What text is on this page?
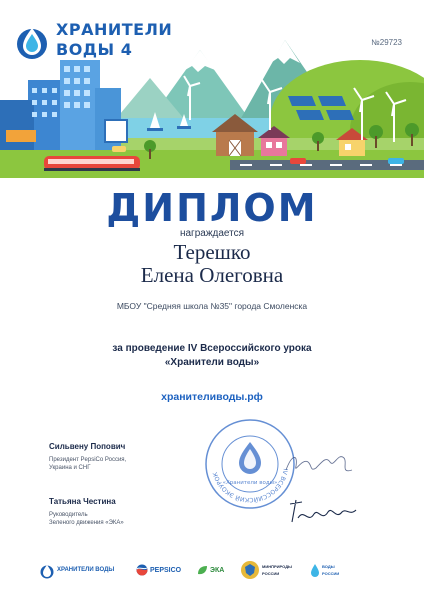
ХРАНИТЕЛИ
ВОДЫ 4	№29723
ДИПЛОМ
награждается
Терешко
Елена Олеговна
МБОУ "Средняя школа №35" города Смоленска
за проведение IV Всероссийского урока
«Хранители воды»
хранителиводы.рф
Сильвену Попович
Президент PepsiCo Россия,
Украина и СНГ
Татьяна Честина
Руководитель
Зеленого движения «ЭКА»
IV ВСЕРОССИЙСКИЙ ЭКОУРОК
«Хранители воды»
ХРАНИТЕЛИ ВОДЫ	PEPSICO	ЭКА	МИНПРИРОДЫ
РОССИИ
ВОДЫ
РОССИИ
